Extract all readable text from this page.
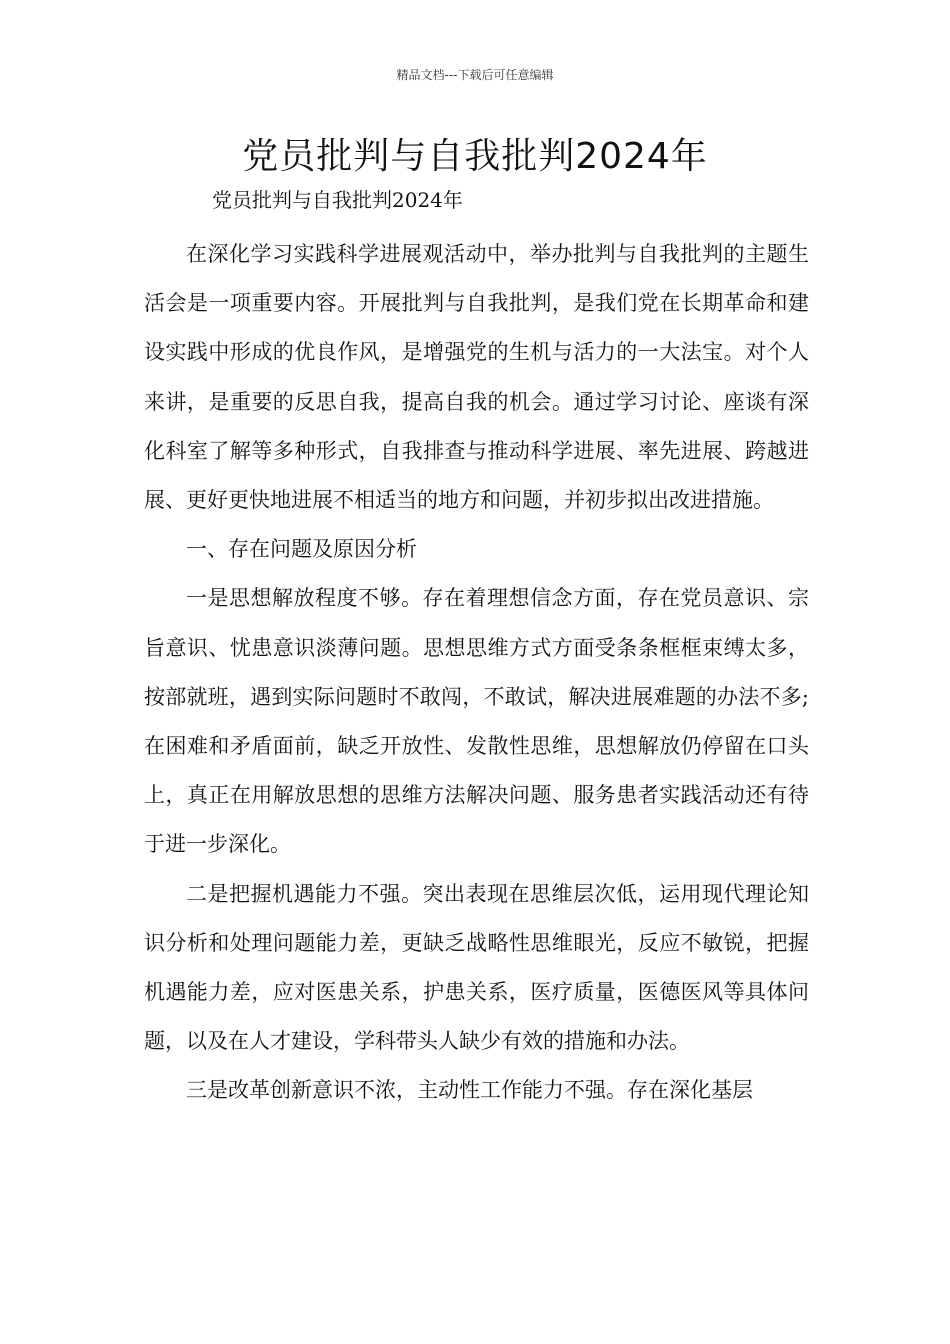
精品文档---下载后可任意编辑
党员批判与自我批判2024年
党员批判与自我批判2024年

在深化学习实践科学进展观活动中，举办批判与自我批判的主题生活会是一项重要内容。开展批判与自我批判，是我们党在长期革命和建设实践中形成的优良作风，是增强党的生机与活力的一大法宝。对个人来讲，是重要的反思自我，提高自我的机会。通过学习讨论、座谈有深化科室了解等多种形式，自我排查与推动科学进展、率先进展、跨越进展、更好更快地进展不相适当的地方和问题，并初步拟出改进措施。

一、存在问题及原因分析

一是思想解放程度不够。存在着理想信念方面，存在党员意识、宗旨意识、忧患意识淡薄问题。思想思维方式方面受条条框框束缚太多，按部就班，遇到实际问题时不敢闯，不敢试，解决进展难题的办法不多;在困难和矛盾面前，缺乏开放性、发散性思维，思想解放仍停留在口头上，真正在用解放思想的思维方法解决问题、服务患者实践活动还有待于进一步深化。

二是把握机遇能力不强。突出表现在思维层次低，运用现代理论知识分析和处理问题能力差，更缺乏战略性思维眼光，反应不敏锐，把握机遇能力差，应对医患关系，护患关系，医疗质量，医德医风等具体问题，以及在人才建设，学科带头人缺少有效的措施和办法。

三是改革创新意识不浓，主动性工作能力不强。存在深化基层
